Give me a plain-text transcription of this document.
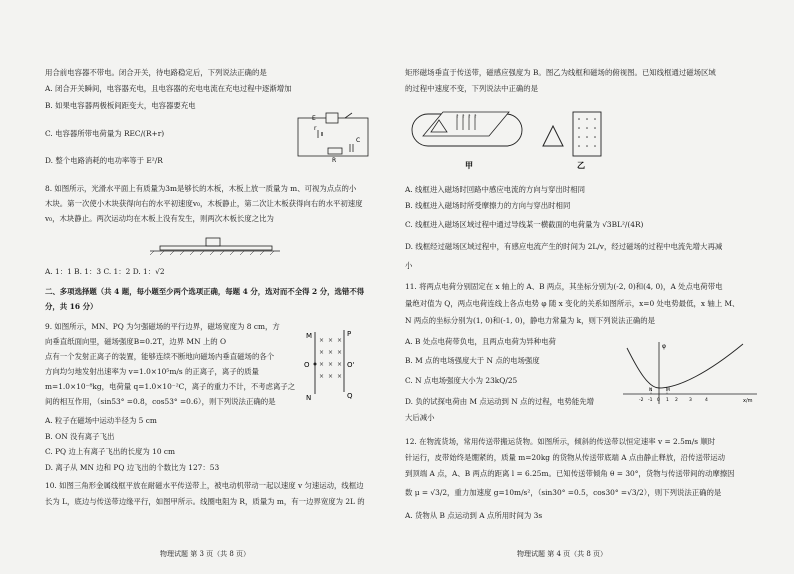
用合前电容器不带电。闭合开关，待电路稳定后，下列说法正确的是
A. 闭合开关瞬间，电容器充电，且电容器的充电电流在充电过程中逐渐增加
B. 如果电容器两极板间距变大，电容器要充电
C. 电容器所带电荷量为 REC/(R+r)
D. 整个电路消耗的电功率等于 E²/R
E
r
R
C
8. 如图所示，光滑水平面上有质量为3m是够长的木板，木板上放一质量为 m、可视为点点的小
木块。第一次使小木块获得向右的水平初速度v₀，木板静止，第二次让木板获得向右的水平初速度
v₀，木块静止。两次运动均在木板上没有发生，则两次木板长度之比为
A. 1：1 B. 1：3 C. 1：2 D. 1：√2
二、多项选择题（共 4 题，每小题至少两个选项正确，每题 4 分，选对而不全得 2 分，选错不得
分，共 16 分）
9. 如图所示，MN、PQ 为匀强磁场的平行边界，磁场宽度为 8 cm，方
向垂直纸面向里，磁场强度B=0.2T，边界 MN 上的 O
点有一个发射正离子的装置，能够连续不断地向磁场内垂直磁场的各个
方向均匀地发射出速率为 v=1.0×10⁵m/s 的正离子，离子的质量
m=1.0×10⁻⁸kg，电荷量 q=1.0×10⁻²C，离子的重力不计，不考虑离子之
间的相互作用，（sin53° =0.8，cos53° =0.6），则下列说法正确的是
× × ×
× × ×
× × ×
× × ×
M	P
O	O'
N	Q
A. 粒子在磁场中运动半径为 5 cm
B. ON 没有离子飞出
C. PQ 边上有离子飞出的长度为 10 cm
D. 离子从 MN 边和 PQ 边飞出的个数比为 127：53
10. 如图三角形金属线框平放在耐磁水平传送带上，被电动机带动一起以速度 v 匀速运动，线框边
长为 L，底边与传送带边缘平行，如图甲所示。线圈电阻为 R，质量为 m，有一边界宽度为 2L 的
物理试题 第 3 页（共 8 页）
矩形磁场垂直于传送带，磁感应强度为 B。图乙为线框和磁场的俯视图。已知线框通过磁场区域
的过程中速度不变，下列说法中正确的是
↑ ↑ ↑ ↑
甲	乙
A. 线框进入磁场时回路中感应电流的方向与穿出时相同
B. 线框进入磁场时所受摩擦力的方向与穿出时相同
C. 线框进入磁场区域过程中通过导线某一横截面的电荷量为 √3BL²/(4R)
D. 线框经过磁场区域过程中，有感应电流产生的时间为 2L/v，经过磁场的过程中电流先增大再减
小
11. 将两点电荷分别固定在 x 轴上的 A、B 两点，其坐标分别为(-2, 0)和(4, 0)，A 处点电荷带电
量绝对值为 Q，两点电荷连线上各点电势 φ 随 x 变化的关系如图所示，x=0 处电势最低，x 轴上 M、
N 两点的坐标分别为(1, 0)和(-1, 0)，静电力常量为 k，则下列说法正确的是
A. B 处点电荷带负电，且两点电荷为异种电荷
B. M 点的电场强度大于 N 点的电场强度
C. N 点电场强度大小为 23kQ/25
D. 负的试探电荷由 M 点运动到 N 点的过程，电势能先增
大后减小
φ
x/m
-2 -1
N	M
0 1 2 3	4
12. 在物流货场，常用传送带搬运货物。如图所示，倾斜的传送带以恒定速率 v = 2.5m/s 顺时
针运行，皮带始终是绷紧的，质量 m=20kg 的货物从传送带底端 A 点由静止释放，沿传送带运动
到顶端 A 点，A、B 两点的距离 l = 6.25m。已知传送带倾角 θ = 30°，货物与传送带间的动摩擦因
数 μ = √3/2，重力加速度 g=10m/s²，（sin30° =0.5，cos30° =√3/2），则下列说法正确的是
A. 货物从 B 点运动到 A 点所用时间为 3s
物理试题 第 4 页（共 8 页）
